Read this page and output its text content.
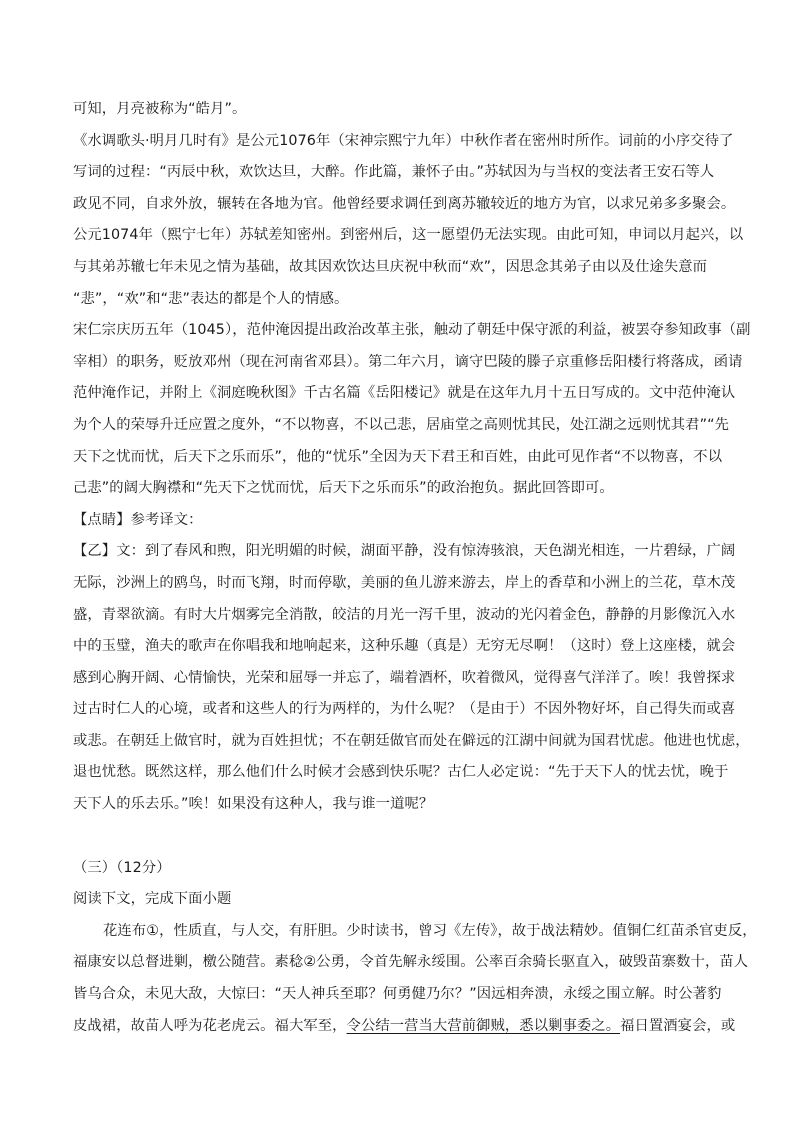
可知，月亮被称为“皓月”。
《水调歌头·明月几时有》是公元1076年（宋神宗熙宁九年）中秋作者在密州时所作。词前的小序交待了
写词的过程：“丙辰中秋，欢饮达旦，大醉。作此篇，兼怀子由。”苏轼因为与当权的变法者王安石等人
政见不同，自求外放，辗转在各地为官。他曾经要求调任到离苏辙较近的地方为官，以求兄弟多多聚会。
公元1074年（熙宁七年）苏轼差知密州。到密州后，这一愿望仍无法实现。由此可知，申词以月起兴，以
与其弟苏辙七年未见之情为基础，故其因欢饮达旦庆祝中秋而“欢”，因思念其弟子由以及仕途失意而
“悲”，“欢”和“悲”表达的都是个人的情感。
宋仁宗庆历五年（1045），范仲淹因提出政治改革主张，触动了朝廷中保守派的利益，被罢夺参知政事（副
宰相）的职务，贬放邓州（现在河南省邓县）。第二年六月，谪守巴陵的滕子京重修岳阳楼行将落成，函请
范仲淹作记，并附上《洞庭晚秋图》千古名篇《岳阳楼记》就是在这年九月十五日写成的。文中范仲淹认
为个人的荣辱升迁应置之度外，“不以物喜，不以己悲，居庙堂之高则忧其民，处江湖之远则忧其君”“先
天下之忧而忧，后天下之乐而乐”，他的“忧乐”全因为天下君王和百姓，由此可见作者“不以物喜，不以
己悲”的阔大胸襟和“先天下之忧而忧，后天下之乐而乐”的政治抱负。据此回答即可。
【点睛】参考译文：
【乙】文：到了春风和煦，阳光明媚的时候，湖面平静，没有惊涛骇浪，天色湖光相连，一片碧绿，广阔
无际，沙洲上的鸥鸟，时而飞翔，时而停歇，美丽的鱼儿游来游去，岸上的香草和小洲上的兰花，草木茂
盛，青翠欲滴。有时大片烟雾完全消散，皎洁的月光一泻千里，波动的光闪着金色，静静的月影像沉入水
中的玉璧，渔夫的歌声在你唱我和地响起来，这种乐趣（真是）无穷无尽啊！（这时）登上这座楼，就会
感到心胸开阔、心情愉快，光荣和屈辱一并忘了，端着酒杯，吹着微风，觉得喜气洋洋了。唉！我曾探求
过古时仁人的心境，或者和这些人的行为两样的，为什么呢？（是由于）不因外物好坏，自己得失而或喜
或悲。在朝廷上做官时，就为百姓担忧；不在朝廷做官而处在僻远的江湖中间就为国君忧虑。他进也忧虑，
退也忧愁。既然这样，那么他们什么时候才会感到快乐呢？古仁人必定说：“先于天下人的忧去忧，晚于
天下人的乐去乐。”唉！如果没有这种人，我与谁一道呢？
（三）（12分）
阅读下文，完成下面小题
花连布①，性质直，与人交，有肝胆。少时读书，曾习《左传》，故于战法精妙。值铜仁红苗杀官吏反，
福康安以总督进剿，檄公随营。素稔②公勇，令首先解永绥围。公率百余骑长驱直入，破毁苗寨数十，苗人
皆乌合众，未见大敌，大惊曰：“天人神兵至耶？何勇健乃尔？”因远相奔溃，永绥之围立解。时公著豹
皮战裙，故苗人呼为花老虎云。福大军至，令公结一营当大营前御贼，悉以剿事委之。福日置酒宴会，或
